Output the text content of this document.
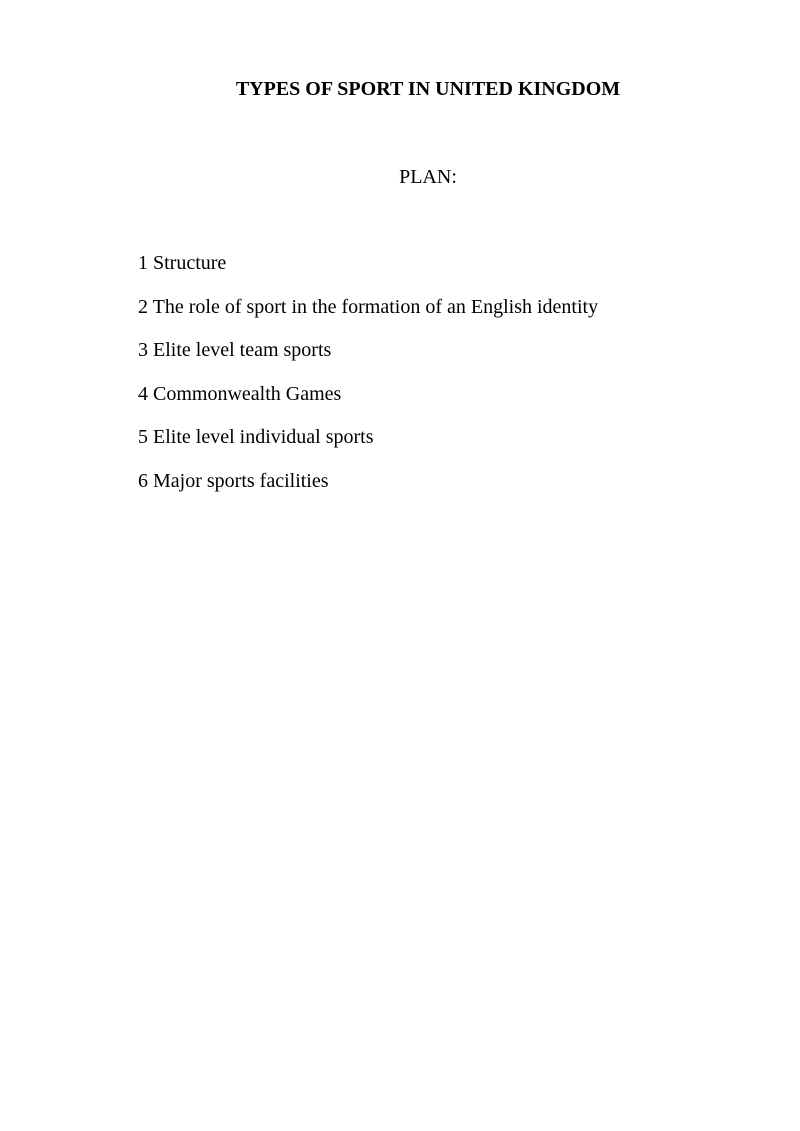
TYPES OF SPORT IN UNITED KINGDOM

PLAN:

1 Structure
2 The role of sport in the formation of an English identity
3 Elite level team sports
4 Commonwealth Games
5 Elite level individual sports
6 Major sports facilities
